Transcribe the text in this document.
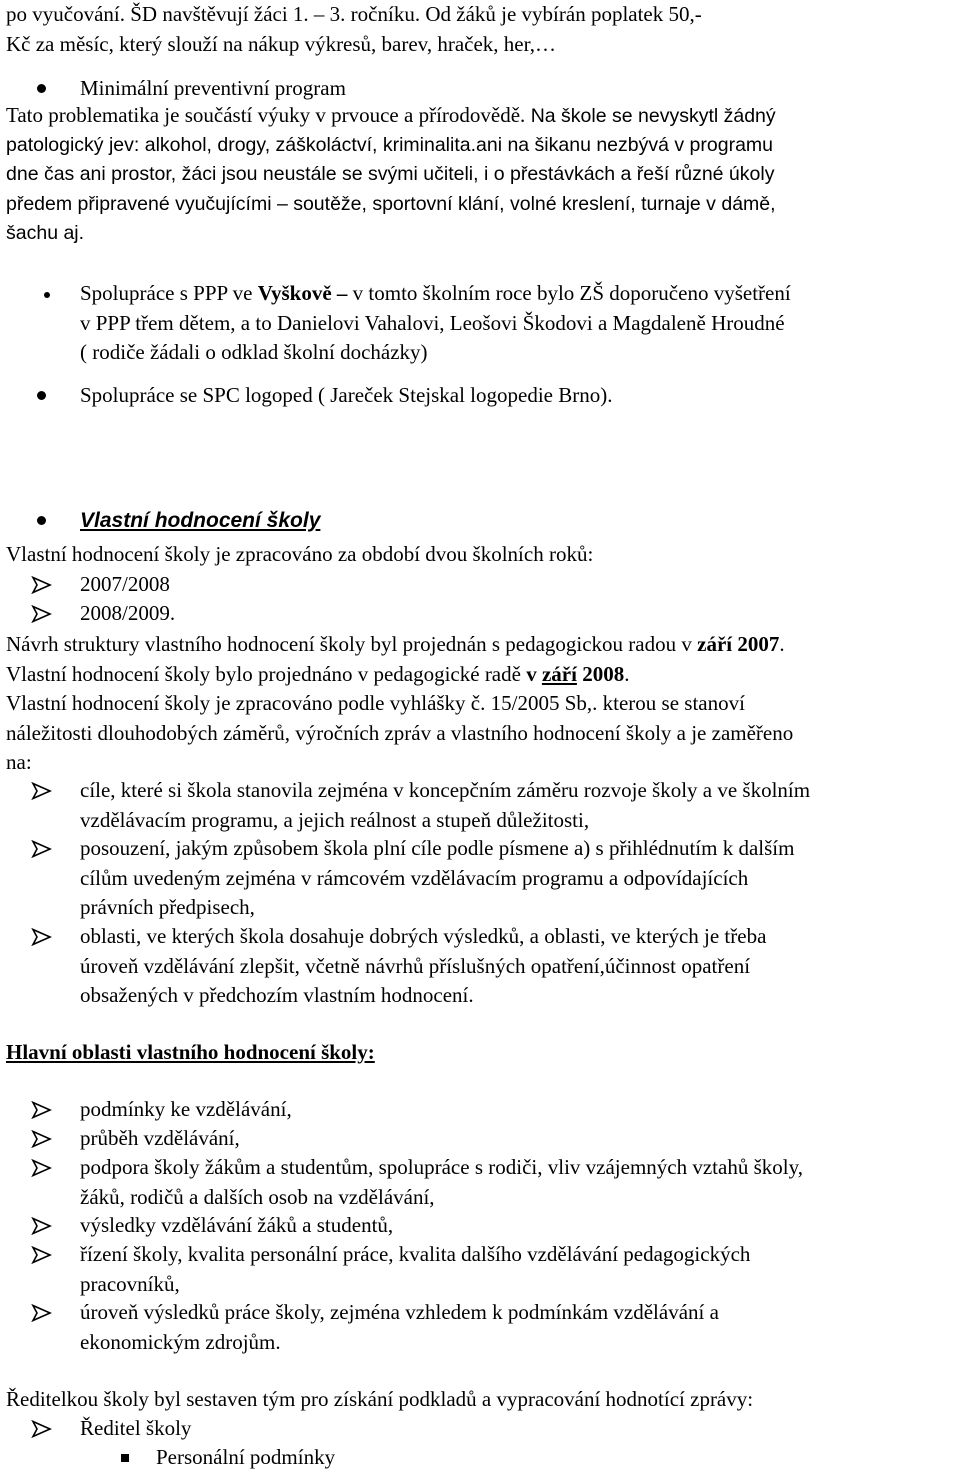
po vyučování. ŠD navštěvují žáci 1. – 3. ročníku. Od žáků je vybírán poplatek 50,-
Kč za měsíc, který slouží na nákup výkresů, barev, hraček, her,…
Minimální preventivní program
Tato problematika je součástí výuky v prvouce a přírodovědě. Na škole se nevyskytl žádný
patologický jev: alkohol, drogy, záškoláctví, kriminalita.ani na šikanu nezbývá v programu
dne čas ani prostor, žáci jsou neustále se svými učiteli, i o přestávkách a řeší různé úkoly
předem připravené vyučujícími – soutěže, sportovní klání, volné kreslení, turnaje v dámě,
šachu aj.
Spolupráce s PPP ve Vyškově – v tomto školním roce bylo ZŠ doporučeno vyšetření
v PPP třem dětem, a to Danielovi Vahalovi, Leošovi Škodovi a Magdaleně Hroudné
( rodiče žádali o odklad školní docházky)
Spolupráce se SPC logoped ( Jareček Stejskal logopedie Brno).
Vlastní hodnocení školy
Vlastní hodnocení školy je zpracováno za období dvou školních roků:
2007/2008
2008/2009.
Návrh struktury vlastního hodnocení školy byl projednán s pedagogickou radou v září 2007.
Vlastní hodnocení školy bylo projednáno v pedagogické radě v září 2008.
Vlastní hodnocení školy je zpracováno podle vyhlášky č. 15/2005 Sb,. kterou se stanoví
náležitosti dlouhodobých záměrů, výročních zpráv a vlastního hodnocení školy a je zaměřeno
na:
cíle, které si škola stanovila zejména v koncepčním záměru rozvoje školy a ve školním
vzdělávacím programu, a jejich reálnost a stupeň důležitosti,
posouzení, jakým způsobem škola plní cíle podle písmene a) s přihlédnutím k dalším
cílům uvedeným zejména v rámcovém vzdělávacím programu a odpovídajících
právních předpisech,
oblasti, ve kterých škola dosahuje dobrých výsledků, a oblasti, ve kterých je třeba
úroveň vzdělávání zlepšit, včetně návrhů příslušných opatření,účinnost opatření
obsažených v předchozím vlastním hodnocení.
Hlavní oblasti vlastního hodnocení školy:
podmínky ke vzdělávání,
průběh vzdělávání,
podpora školy žákům a studentům, spolupráce s rodiči, vliv vzájemných vztahů školy,
žáků, rodičů a dalších osob na vzdělávání,
výsledky vzdělávání žáků a studentů,
řízení školy, kvalita personální práce, kvalita dalšího vzdělávání pedagogických
pracovníků,
úroveň výsledků práce školy, zejména vzhledem k podmínkám vzdělávání a
ekonomickým zdrojům.
Ředitelkou školy byl sestaven tým pro získání podkladů a vypracování hodnotící zprávy:
Ředitel školy
Personální podmínky
